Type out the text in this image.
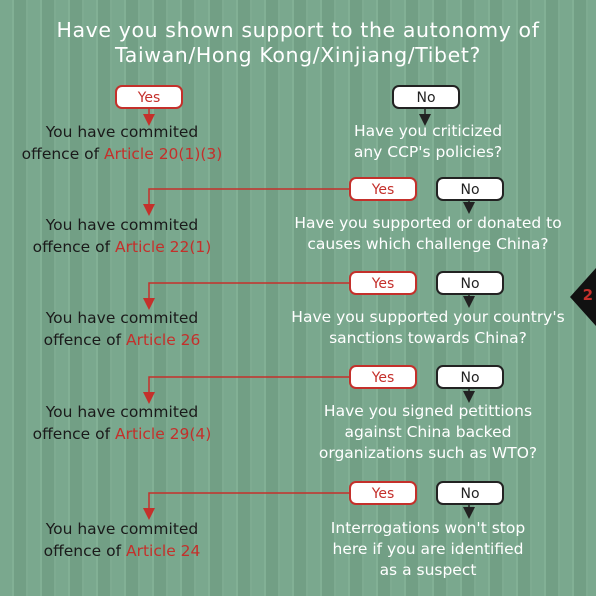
Have you shown support to the autonomy of
Taiwan/Hong Kong/Xinjiang/Tibet?
Yes	No
You have commited
offence of Article 20(1)(3)
Have you criticized
any CCP's policies?
Yes	No
You have commited
offence of Article 22(1)
Have you supported or donated to
causes which challenge China?
Yes	No
You have commited
offence of Article 26
Have you supported your country's
sanctions towards China?
Yes	No
You have commited
offence of Article 29(4)
Have you signed petittions
against China backed
organizations such as WTO?
Yes	No
You have commited
offence of Article 24
Interrogations won't stop
here if you are identified
as a suspect
2
